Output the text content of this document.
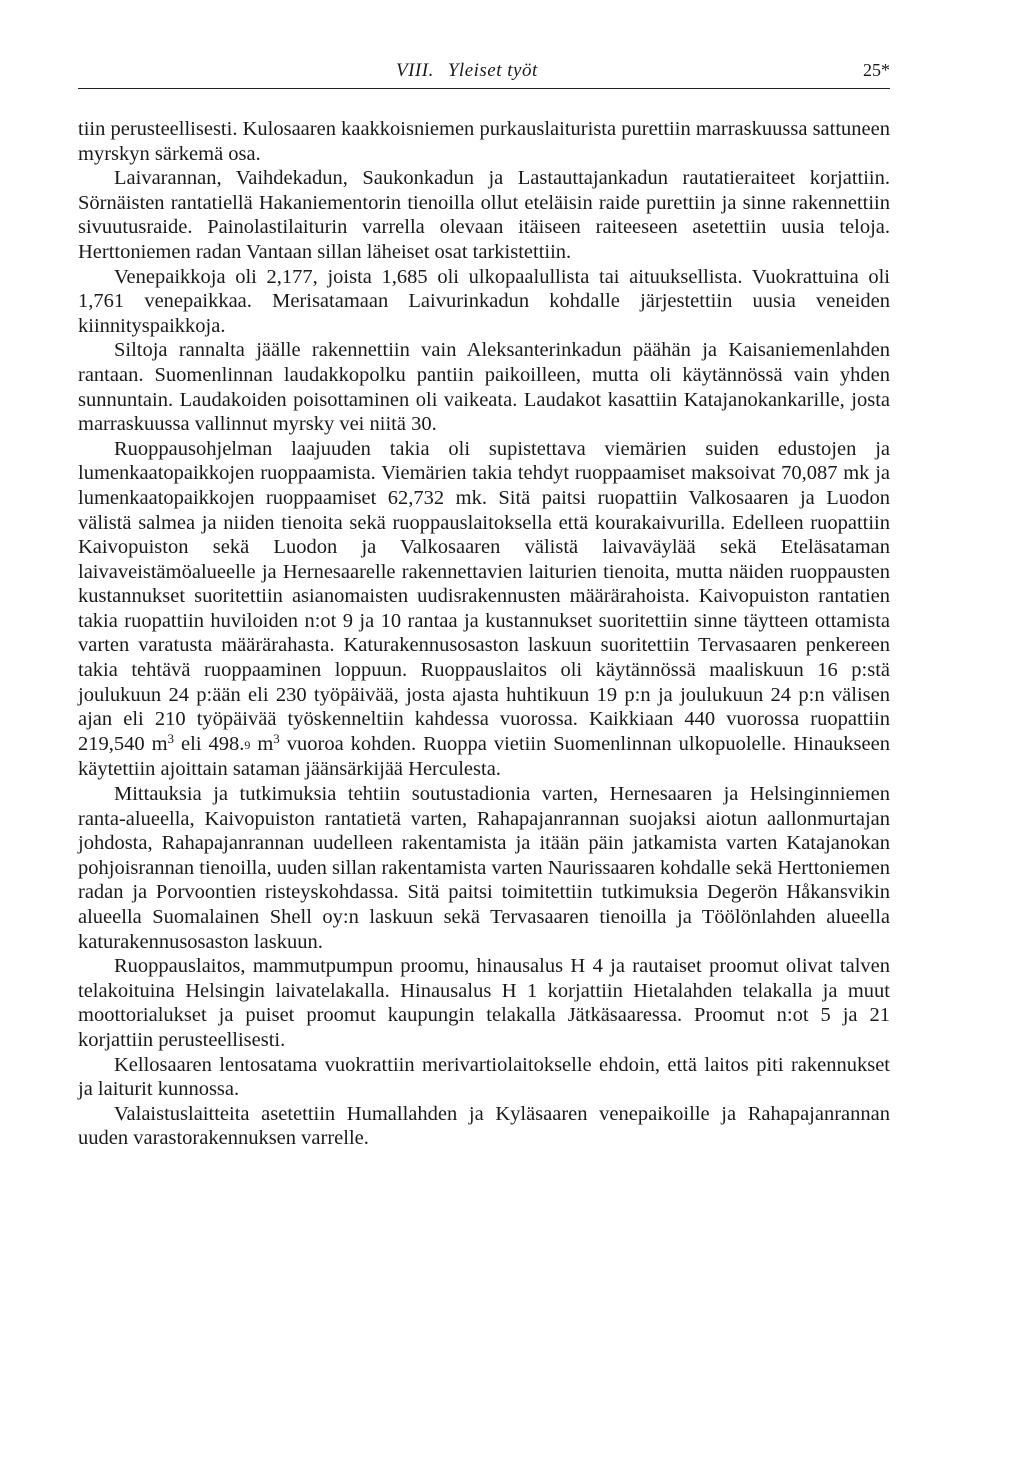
VIII. Yleiset työt	25*

tiin perusteellisesti. Kulosaaren kaakkoisniemen purkauslaiturista purettiin marraskuussa sattuneen myrskyn särkemä osa.

Laivarannan, Vaihdekadun, Saukonkadun ja Lastauttajankadun rautatieraiteet korjattiin. Sörnäisten rantatiellä Hakaniementorin tienoilla ollut eteläisin raide purettiin ja sinne rakennettiin sivuutusraide. Painolastilaiturin varrella olevaan itäiseen raiteeseen asetettiin uusia teloja. Herttoniemen radan Vantaan sillan läheiset osat tarkistettiin.

Venepaikkoja oli 2,177, joista 1,685 oli ulkopaalullista tai aituuksellista. Vuokrattuina oli 1,761 venepaikkaa. Merisatamaan Laivurinkadun kohdalle järjestettiin uusia veneiden kiinnityspaikkoja.

Siltoja rannalta jäälle rakennettiin vain Aleksanterinkadun päähän ja Kaisaniemenlahden rantaan. Suomenlinnan laudakkopolku pantiin paikoilleen, mutta oli käytännössä vain yhden sunnuntain. Laudakoiden poisottaminen oli vaikeata. Laudakot kasattiin Katajanokankarille, josta marraskuussa vallinnut myrsky vei niitä 30.

Ruoppausohjelman laajuuden takia oli supistettava viemärien suiden edustojen ja lumenkaatopaikkojen ruoppaamista. Viemärien takia tehdyt ruoppaamiset maksoivat 70,087 mk ja lumenkaatopaikkojen ruoppaamiset 62,732 mk. Sitä paitsi ruopattiin Valkosaaren ja Luodon välistä salmea ja niiden tienoita sekä ruoppauslaitoksella että kourakaivurilla. Edelleen ruopattiin Kaivopuiston sekä Luodon ja Valkosaaren välistä laivaväylää sekä Eteläsataman laivaveistämöalueelle ja Hernesaarelle rakennettavien laiturien tienoita, mutta näiden ruoppausten kustannukset suoritettiin asianomaisten uudisrakennusten määrärahoista. Kaivopuiston rantatien takia ruopattiin huviloiden n:ot 9 ja 10 rantaa ja kustannukset suoritettiin sinne täytteen ottamista varten varatusta määrärahasta. Katurakennusosaston laskuun suoritettiin Tervasaaren penkereen takia tehtävä ruoppaaminen loppuun. Ruoppauslaitos oli käytännössä maaliskuun 16 p:stä joulukuun 24 p:ään eli 230 työpäivää, josta ajasta huhtikuun 19 p:n ja joulukuun 24 p:n välisen ajan eli 210 työpäivää työskenneltiin kahdessa vuorossa. Kaikkiaan 440 vuorossa ruopattiin 219,540 $m^3$ eli 498.9 $m^3$ vuoroa kohden. Ruoppa vietiin Suomenlinnan ulkopuolelle. Hinaukseen käytettiin ajoittain sataman jäänsärkijää Herculesta.

Mittauksia ja tutkimuksia tehtiin soutustadionia varten, Hernesaaren ja Helsinginniemen ranta-alueella, Kaivopuiston rantatietä varten, Rahapajanrannan suojaksi aiotun aallonmurtajan johdosta, Rahapajanrannan uudelleen rakentamista ja itään päin jatkamista varten Katajanokan pohjoisrannan tienoilla, uuden sillan rakentamista varten Naurissaaren kohdalle sekä Herttoniemen radan ja Porvoontien risteyskohdassa. Sitä paitsi toimitettiin tutkimuksia Degerön Håkansvikin alueella Suomalainen Shell oy:n laskuun sekä Tervasaaren tienoilla ja Töölönlahden alueella katurakennusosaston laskuun.

Ruoppauslaitos, mammutpumpun proomu, hinausalus H 4 ja rautaiset proomut olivat talven telakoituina Helsingin laivatelakalla. Hinausalus H 1 korjattiin Hietalahden telakalla ja muut moottorialukset ja puiset proomut kaupungin telakalla Jätkäsaaressa. Proomut n:ot 5 ja 21 korjattiin perusteellisesti.

Kellosaaren lentosatama vuokrattiin merivartiolaitokselle ehdoin, että laitos piti rakennukset ja laiturit kunnossa.

Valaistuslaitteita asetettiin Humallahden ja Kyläsaaren venepaikoille ja Rahapajanrannan uuden varastorakennuksen varrelle.
